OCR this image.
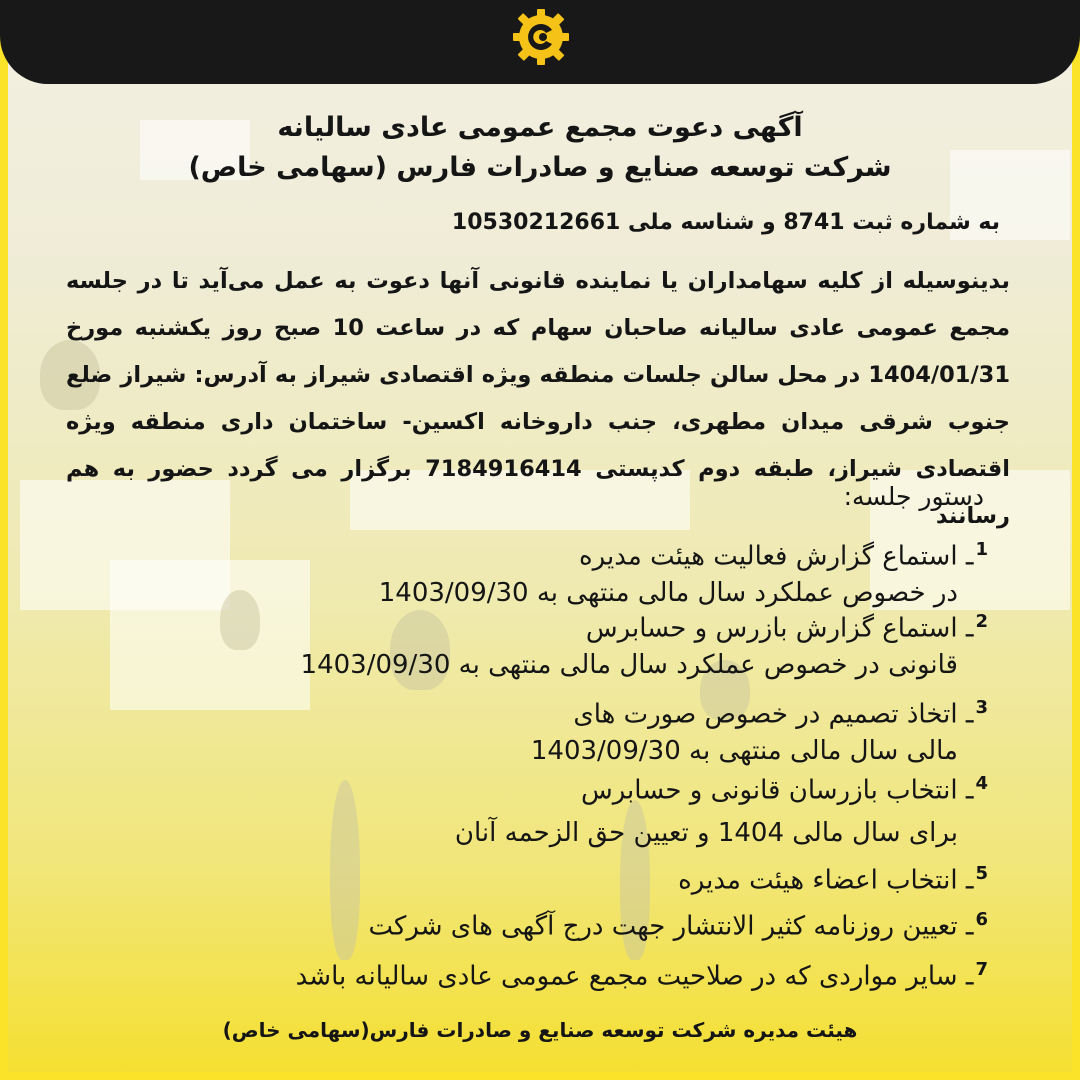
آگهی دعوت مجمع عمومی عادی سالیانه
شرکت توسعه صنایع و صادرات فارس (سهامی خاص)
به شماره ثبت 8741 و شناسه ملی 10530212661
بدینوسیله از کلیه سهامداران یا نماینده قانونی آنها دعوت به عمل می‌آید تا در جلسه مجمع عمومی عادی سالیانه صاحبان سهام که در ساعت 10 صبح روز یکشنبه مورخ 1404/01/31 در محل سالن جلسات منطقه ویژه اقتصادی شیراز به آدرس: شیراز ضلع جنوب شرقی میدان مطهری، جنب داروخانه اکسین- ساختمان داری منطقه ویژه اقتصادی شیراز، طبقه دوم کدپستی 7184916414 برگزار می گردد حضور به هم رسانند
دستور جلسه:
1ـ استماع گزارش فعالیت هیئت مدیره
در خصوص عملکرد سال مالی منتهی به 1403/09/30
2ـ استماع گزارش بازرس و حسابرس
قانونی در خصوص عملکرد سال مالی منتهی به 1403/09/30
3ـ اتخاذ تصمیم در خصوص صورت های
مالی سال مالی منتهی به 1403/09/30
4ـ انتخاب بازرسان قانونی و حسابرس
برای سال مالی 1404 و تعیین حق الزحمه آنان
5ـ انتخاب اعضاء هیئت مدیره
6ـ تعیین روزنامه کثیر الانتشار جهت درج آگهی های شرکت
7ـ سایر مواردی که در صلاحیت مجمع عمومی عادی سالیانه باشد
هیئت مدیره شرکت توسعه صنایع و صادرات فارس(سهامی خاص)
